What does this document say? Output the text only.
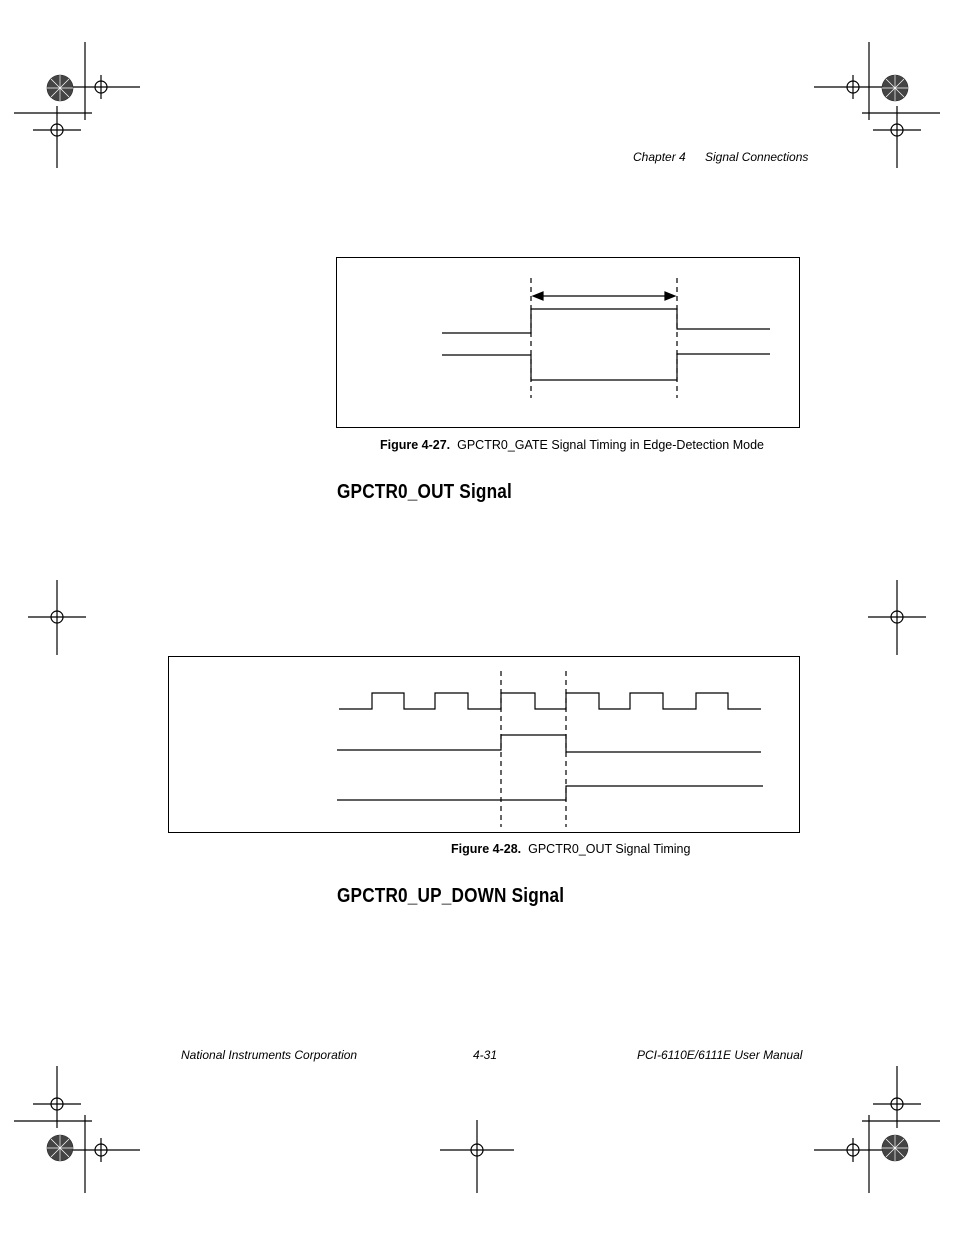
Chapter 4 Signal Connections
Figure 4-27. GPCTR0_GATE Signal Timing in Edge-Detection Mode
GPCTR0_OUT Signal
Figure 4-28. GPCTR0_OUT Signal Timing
GPCTR0_UP_DOWN Signal
National Instruments Corporation	4-31	PCI-6110E/6111E User Manual
